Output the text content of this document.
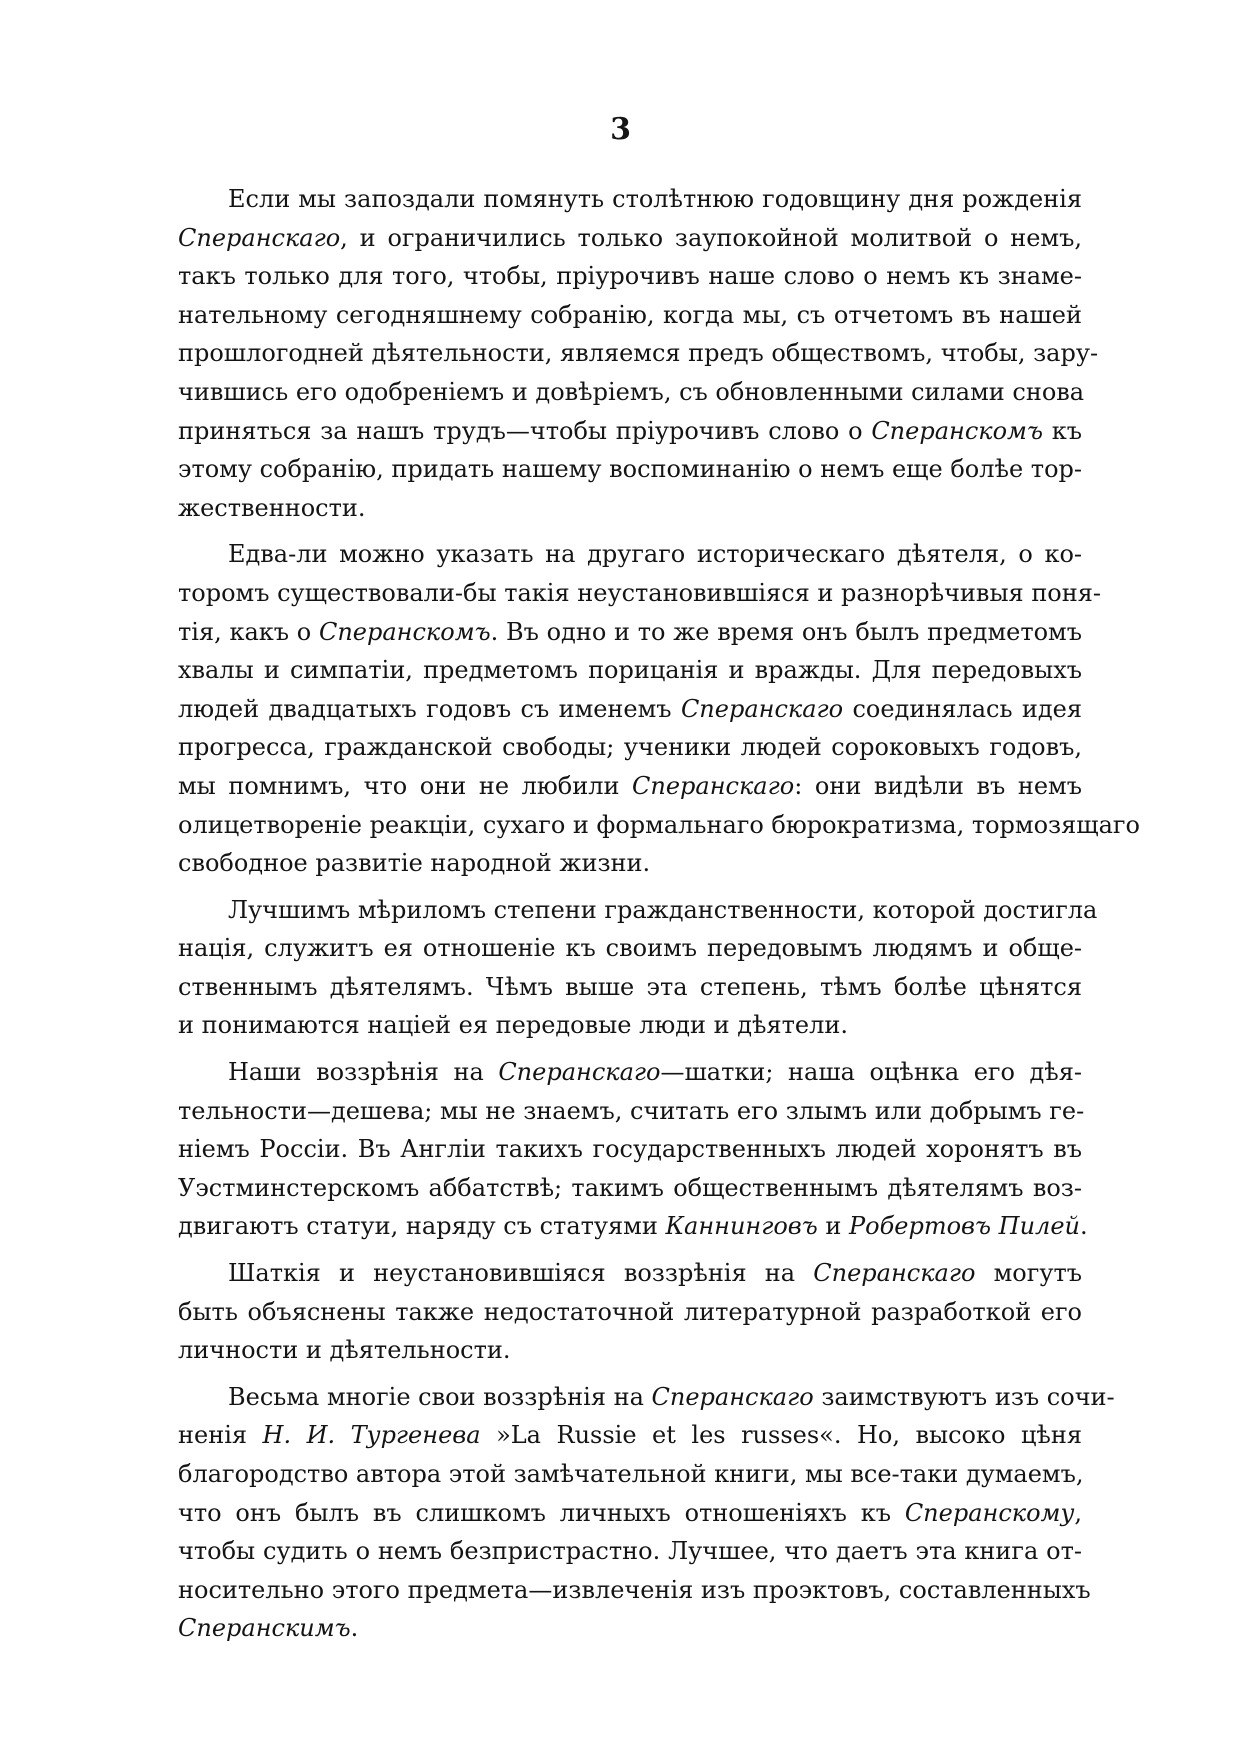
3
Если мы запоздали помянуть столѣтнюю годовщину дня рожденія
Сперанскаго, и ограничились только заупокойной молитвой о немъ,
такъ только для того, чтобы, пріурочивъ наше слово о немъ къ знаме-
нательному сегодняшнему собранію, когда мы, съ отчетомъ въ нашей
прошлогодней дѣятельности, являемся предъ обществомъ, чтобы, зару-
чившись его одобреніемъ и довѣріемъ, съ обновленными силами снова
приняться за нашъ трудъ—чтобы пріурочивъ слово о Сперанскомъ къ
этому собранію, придать нашему воспоминанію о немъ еще болѣе тор-
жественности.
Едва-ли можно указать на другаго историческаго дѣятеля, о ко-
торомъ существовали-бы такія неустановившіяся и разнорѣчивыя поня-
тія, какъ о Сперанскомъ. Въ одно и то же время онъ былъ предметомъ
хвалы и симпатіи, предметомъ порицанія и вражды. Для передовыхъ
людей двадцатыхъ годовъ съ именемъ Сперанскаго соединялась идея
прогресса, гражданской свободы; ученики людей сороковыхъ годовъ,
мы помнимъ, что они не любили Сперанскаго: они видѣли въ немъ
олицетвореніе реакціи, сухаго и формальнаго бюрократизма, тормозящаго
свободное развитіе народной жизни.
Лучшимъ мѣриломъ степени гражданственности, которой достигла
нація, служитъ ея отношеніе къ своимъ передовымъ людямъ и обще-
ственнымъ дѣятелямъ. Чѣмъ выше эта степень, тѣмъ болѣе цѣнятся
и понимаются націей ея передовые люди и дѣятели.
Наши воззрѣнія на Сперанскаго—шатки; наша оцѣнка его дѣя-
тельности—дешева; мы не знаемъ, считать его злымъ или добрымъ ге-
ніемъ Россіи. Въ Англіи такихъ государственныхъ людей хоронятъ въ
Уэстминстерскомъ аббатствѣ; такимъ общественнымъ дѣятелямъ воз-
двигаютъ статуи, наряду съ статуями Каннинговъ и Робертовъ Пилей.
Шаткія и неустановившіяся воззрѣнія на Сперанскаго могутъ
быть объяснены также недостаточной литературной разработкой его
личности и дѣятельности.
Весьма многіе свои воззрѣнія на Сперанскаго заимствуютъ изъ сочи-
ненія Н. И. Тургенева »La Russie et les russes«. Но, высоко цѣня
благородство автора этой замѣчательной книги, мы все-таки думаемъ,
что онъ былъ въ слишкомъ личныхъ отношеніяхъ къ Сперанскому,
чтобы судить о немъ безпристрастно. Лучшее, что даетъ эта книга от-
носительно этого предмета—извлеченія изъ проэктовъ, составленныхъ
Сперанскимъ.
